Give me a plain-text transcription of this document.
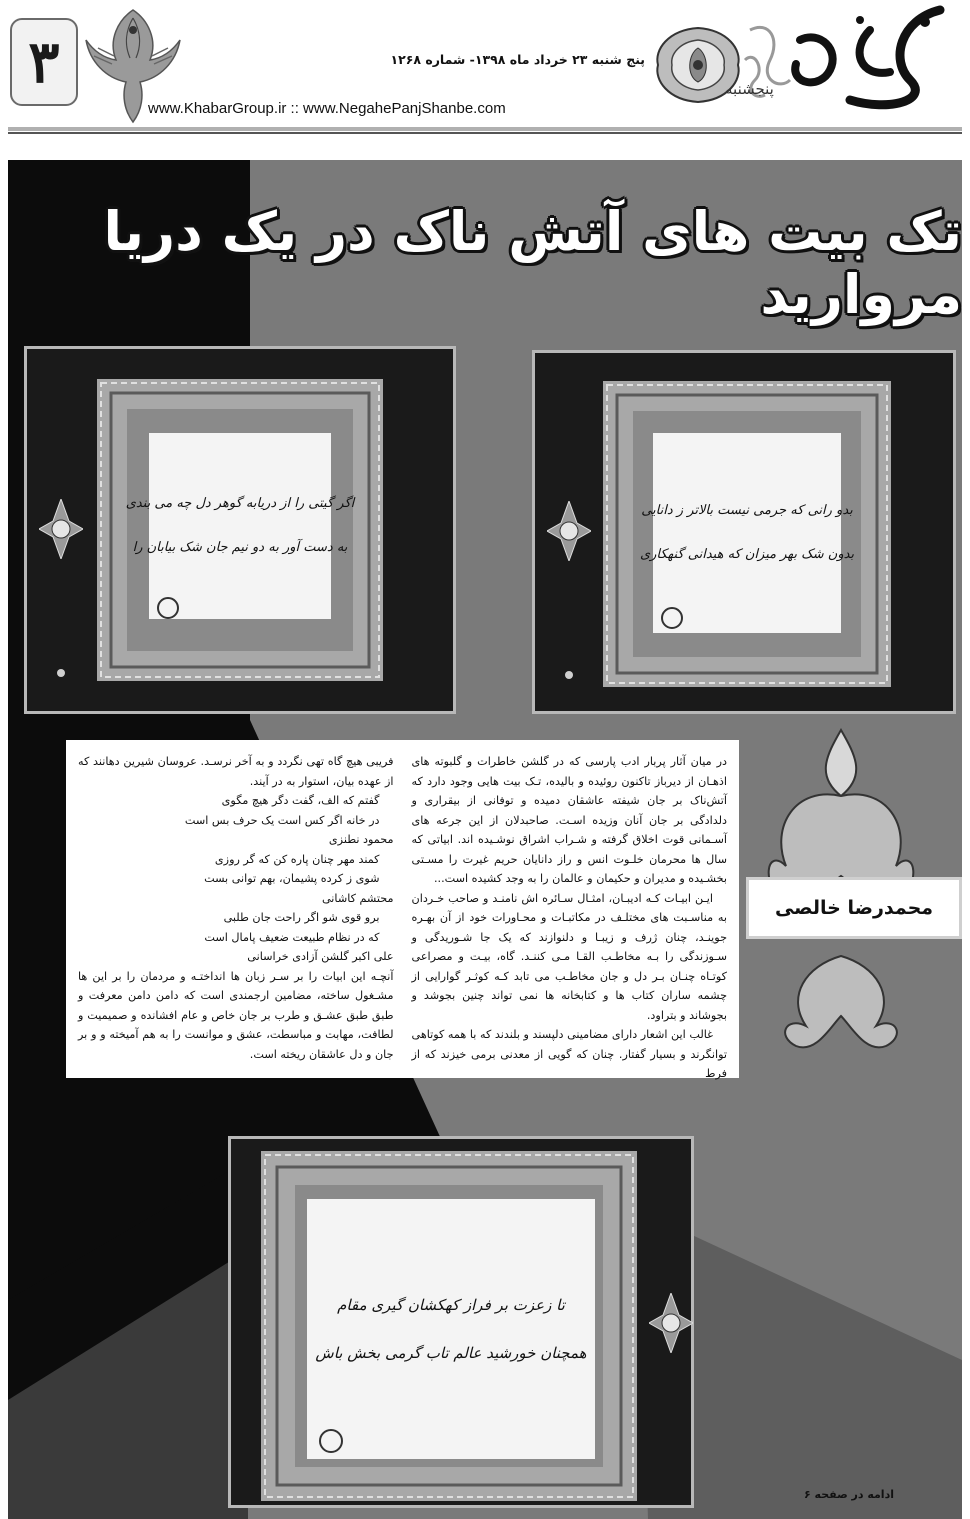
۳	پنج شنبه ۲۳ خرداد ماه ۱۳۹۸- شماره ۱۲۶۸
www.KhabarGroup.ir :: www.NegahePanjShanbe.com
پنجشنبه
تک بیت های آتش ناک در یک دریا مروارید
اگر گیتی را از دریابه گوهر دل چه می بندی
به دست آور به دو نیم جان شک بیابان را
بدو رانی که جرمی نیست بالاتر ز دانایی
بدون شک بهر میزان که هیدانی گنهکاری
محمدرضا خالصی

در میان آثار پربار ادب پارسی که در گلشن خاطرات و گلبوته های اذهـان از دیرباز تاکنون روئیده و بالیده، تـک بیت هایی وجود دارد که آتش‌ناک بر جان شیفته عاشقان دمیده و توفانی از بیقراری و دلدادگی بر جان آنان وزیده اسـت. صاحبدلان از این جرعه های آسـمانی قوت اخلاق گرفته و شـراب اشراق نوشـیده اند. ابیاتی که سال ها محرمان خلـوت انس و راز دانایان حریم غیرت را مسـتی بخشـیده و مدیران و حکیمان و عالمان را به وجد کشیده است...

ایـن ابیـات کـه ادیبـان، امثـال سـائره اش نامنـد و صاحب خـردان به مناسـبت های مختلـف در مکاتبـات و محـاورات خود از آن بهـره جوینـد، چنان ژرف و زیبـا و دلنوازند که یک جا شـوریدگی و سـوزندگی را بـه مخاطـب القـا مـی کننـد. گاه، بیـت و مصراعی کوتـاه چنـان بـر دل و جان مخاطـب می تابد کـه کوثـر گوارایی از چشمه ساران کتاب ها و کتابخانه ها نمی تواند چنین بجوشد و بجوشاند و بتراود.

غالب این اشعار دارای مضامینی دلپسند و بلندند که با همه کوتاهی توانگرند و بسیار گفتار. چنان که گویی از معدنی برمی خیزند که از فرط

فریبی هیچ گاه تهی نگردد و به آخر نرسـد. عروسان شیرین دهانند که از عهده بیان، استوار به در آیند.

گفتم که الف، گفت دگر هیچ مگوی

در خانه اگر کس است یک حرف بس است

محمود نطنزی

کمند مهر چنان پاره کن که گر روزی

شوی ز کرده پشیمان، بهم توانی بست

محتشم کاشانی

برو قوی شو اگر راحت جان طلبی

که در نظام طبیعت ضعیف پامال است

علی اکبر گلشن آزادی خراسانی

آنچـه این ابیات را بر سـر زبان ها انداختـه و مردمان را بر این ها مشـغول ساخته، مضامین ارجمندی است که دامن دامن معرفت و طبق طبق عشـق و طرب بر جان خاص و عام افشانده و صمیمیت و لطافت، مهابت و مباسطت، عشق و موانست را به هم آمیخته و و بر جان و دل عاشقان ریخته است.

تا زعزت بر فراز کهکشان گیری مقام
همچنان خورشید عالم تاب گرمی بخش باش
ادامه در صفحه ۶
